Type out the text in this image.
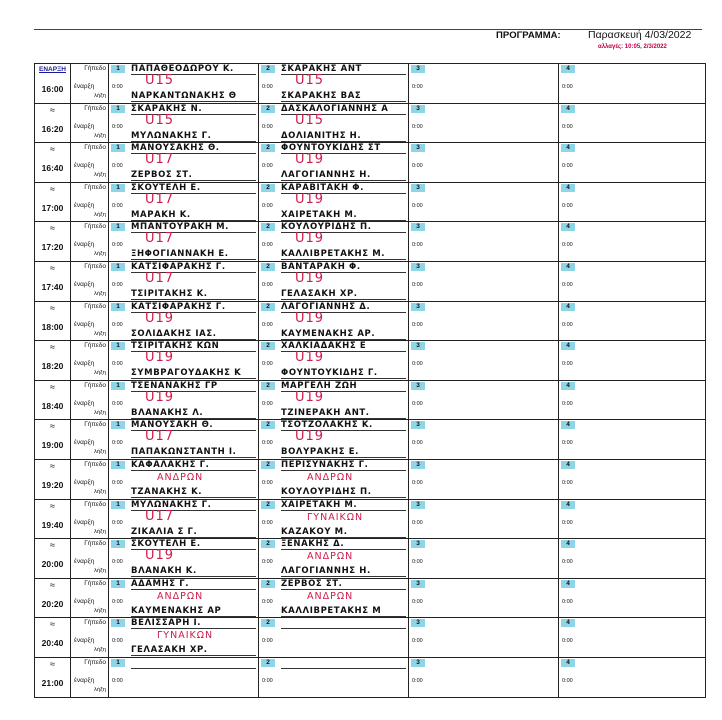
ΠΡΟΓΡΑΜΜΑ:	Παρασκευή 4/03/2022
αλλαγές: 10:05, 2/3/2022
ΕΝΑΡΞΗ
16:00
Γήπεδο
έναρξη
λήξη
1
0:00
ΠΑΠΑΘΕΟΔΩΡΟΥ Κ.
U15
ΝΑΡΚΑΝΤΩΝΑΚΗΣ Θ
2
0:00
ΣΚΑΡΑΚΗΣ ΑΝΤ
U15
ΣΚΑΡΑΚΗΣ ΒΑΣ
3
0:00
4
0:00
≈
16:20
Γήπεδο
έναρξη
λήξη
1
0:00
ΣΚΑΡΑΚΗΣ Ν.
U15
ΜΥΛΩΝΑΚΗΣ Γ.
2
0:00
ΔΑΣΚΑΛΟΓΙΑΝΝΗΣ Α
U15
ΔΟΛΙΑΝΙΤΗΣ Η.
3
0:00
4
0:00
≈
16:40
Γήπεδο
έναρξη
λήξη
1
0:00
ΜΑΝΟΥΣΑΚΗΣ Θ.
U17
ΖΕΡΒΟΣ ΣΤ.
2
0:00
ΦΟΥΝΤΟΥΚΙΔΗΣ ΣΤ
U19
ΛΑΓΟΓΙΑΝΝΗΣ Η.
3
0:00
4
0:00
≈
17:00
Γήπεδο
έναρξη
λήξη
1
0:00
ΣΚΟΥΤΕΛΗ Ε.
U17
ΜΑΡΑΚΗ Κ.
2
0:00
ΚΑΡΑΒΙΤΑΚΗ Φ.
U19
ΧΑΙΡΕΤΑΚΗ Μ.
3
0:00
4
0:00
≈
17:20
Γήπεδο
έναρξη
λήξη
1
0:00
ΜΠΑΝΤΟΥΡΑΚΗ Μ.
U17
ΞΗΦΟΓΙΑΝΝΑΚΗ Ε.
2
0:00
ΚΟΥΛΟΥΡΙΔΗΣ Π.
U19
ΚΑΛΛΙΒΡΕΤΑΚΗΣ Μ.
3
0:00
4
0:00
≈
17:40
Γήπεδο
έναρξη
λήξη
1
0:00
ΚΑΤΣΙΦΑΡΑΚΗΣ Γ.
U17
ΤΣΙΡΙΤΑΚΗΣ Κ.
2
0:00
ΒΑΝΤΑΡΑΚΗ Φ.
U19
ΓΕΛΑΣΑΚΗ ΧΡ.
3
0:00
4
0:00
≈
18:00
Γήπεδο
έναρξη
λήξη
1
0:00
ΚΑΤΣΙΦΑΡΑΚΗΣ Γ.
U19
ΣΟΛΙΔΑΚΗΣ ΙΑΣ.
2
0:00
ΛΑΓΟΓΙΑΝΝΗΣ Δ.
U19
ΚΑΥΜΕΝΑΚΗΣ ΑΡ.
3
0:00
4
0:00
≈
18:20
Γήπεδο
έναρξη
λήξη
1
0:00
ΤΣΙΡΙΤΑΚΗΣ ΚΩΝ
U19
ΣΥΜΒΡΑΓΟΥΔΑΚΗΣ Κ
2
0:00
ΧΑΛΚΙΑΔΑΚΗΣ Ε
U19
ΦΟΥΝΤΟΥΚΙΔΗΣ Γ.
3
0:00
4
0:00
≈
18:40
Γήπεδο
έναρξη
λήξη
1
0:00
ΤΣΕΝΑΝΑΚΗΣ ΓΡ
U19
ΒΛΑΝΑΚΗΣ Λ.
2
0:00
ΜΑΡΓΕΛΗ ΖΩΗ
U19
ΤΖΙΝΕΡΑΚΗ ΑΝΤ.
3
0:00
4
0:00
≈
19:00
Γήπεδο
έναρξη
λήξη
1
0:00
ΜΑΝΟΥΣΑΚΗ Θ.
U17
ΠΑΠΑΚΩΝΣΤΑΝΤΗ Ι.
2
0:00
ΤΣΟΤΖΟΛΑΚΗΣ Κ.
U19
ΒΟΛΥΡΑΚΗΣ Ε.
3
0:00
4
0:00
≈
19:20
Γήπεδο
έναρξη
λήξη
1
0:00
ΚΑΦΑΛΑΚΗΣ Γ.
ΑΝΔΡΩΝ
ΤΖΑΝΑΚΗΣ Κ.
2
0:00
ΠΕΡΙΣΥΝΑΚΗΣ Γ.
ΑΝΔΡΩΝ
ΚΟΥΛΟΥΡΙΔΗΣ Π.
3
0:00
4
0:00
≈
19:40
Γήπεδο
έναρξη
λήξη
1
0:00
ΜΥΛΩΝΑΚΗΣ Γ.
U17
ΖΙΚΑΛΙΑ Σ Γ.
2
0:00
ΧΑΙΡΕΤΑΚΗ Μ.
ΓΥΝΑΙΚΩΝ
ΚΑΖΑΚΟΥ Μ.
3
0:00
4
0:00
≈
20:00
Γήπεδο
έναρξη
λήξη
1
0:00
ΣΚΟΥΤΕΛΗ Ε.
U19
ΒΛΑΝΑΚΗ Κ.
2
0:00
ΞΕΝΑΚΗΣ Δ.
ΑΝΔΡΩΝ
ΛΑΓΟΓΙΑΝΝΗΣ Η.
3
0:00
4
0:00
≈
20:20
Γήπεδο
έναρξη
λήξη
1
0:00
ΑΔΑΜΗΣ Γ.
ΑΝΔΡΩΝ
ΚΑΥΜΕΝΑΚΗΣ ΑΡ
2
0:00
ΖΕΡΒΟΣ ΣΤ.
ΑΝΔΡΩΝ
ΚΑΛΛΙΒΡΕΤΑΚΗΣ Μ
3
0:00
4
0:00
≈
20:40
Γήπεδο
έναρξη
λήξη
1
0:00
ΒΕΛΙΣΣΑΡΗ Ι.
ΓΥΝΑΙΚΩΝ
ΓΕΛΑΣΑΚΗ ΧΡ.
2
0:00
3
0:00
4
0:00
≈
21:00
Γήπεδο
έναρξη
λήξη
1
0:00
2
0:00
3
0:00
4
0:00
